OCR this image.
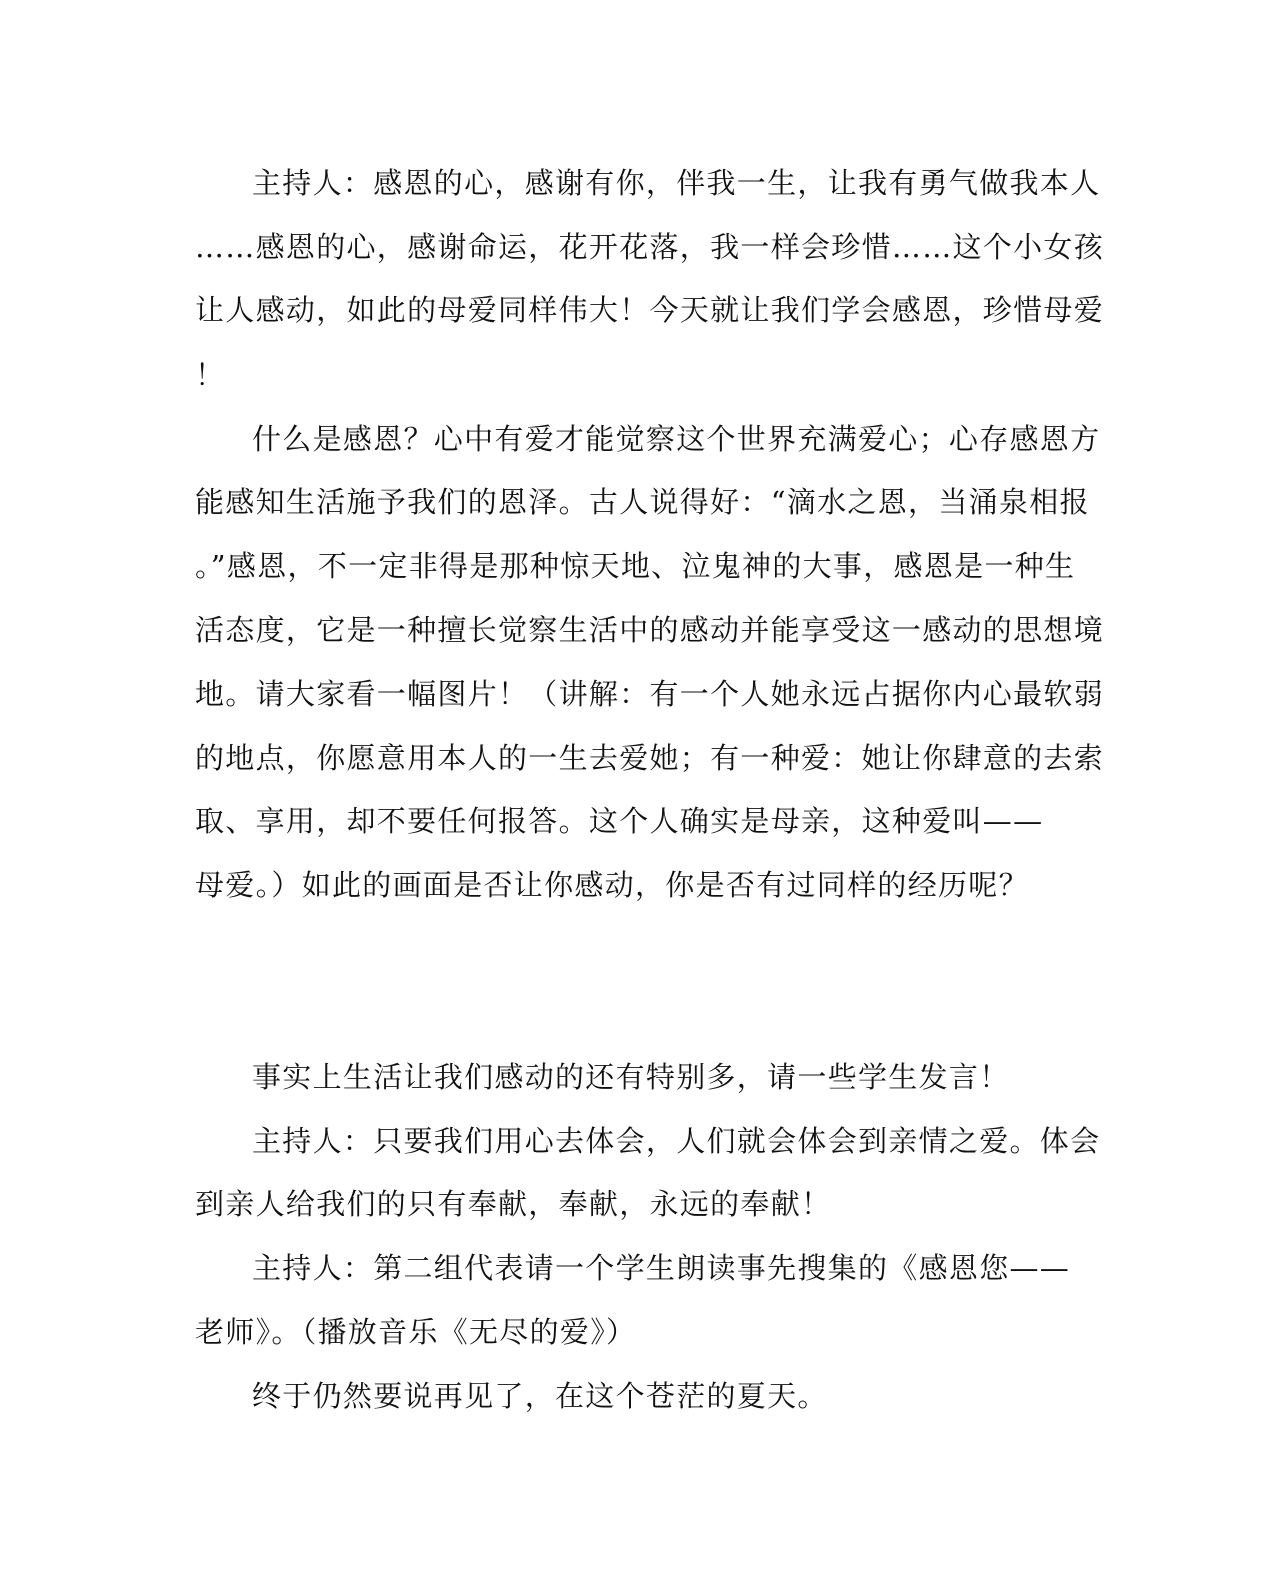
主持人：感恩的心，感谢有你，伴我一生，让我有勇气做我本人
……感恩的心，感谢命运，花开花落，我一样会珍惜……这个小女孩
让人感动，如此的母爱同样伟大！今天就让我们学会感恩，珍惜母爱
！
什么是感恩？心中有爱才能觉察这个世界充满爱心；心存感恩方
能感知生活施予我们的恩泽。古人说得好：“滴水之恩，当涌泉相报
。”感恩，不一定非得是那种惊天地、泣鬼神的大事，感恩是一种生
活态度，它是一种擅长觉察生活中的感动并能享受这一感动的思想境
地。请大家看一幅图片！（讲解：有一个人她永远占据你内心最软弱
的地点，你愿意用本人的一生去爱她；有一种爱：她让你肆意的去索
取、享用，却不要任何报答。这个人确实是母亲，这种爱叫——
母爱。）如此的画面是否让你感动，你是否有过同样的经历呢？
事实上生活让我们感动的还有特别多，请一些学生发言！
主持人：只要我们用心去体会，人们就会体会到亲情之爱。体会
到亲人给我们的只有奉献，奉献，永远的奉献！
主持人：第二组代表请一个学生朗读事先搜集的《感恩您——
老师》。（播放音乐《无尽的爱》）
终于仍然要说再见了，在这个苍茫的夏天。
